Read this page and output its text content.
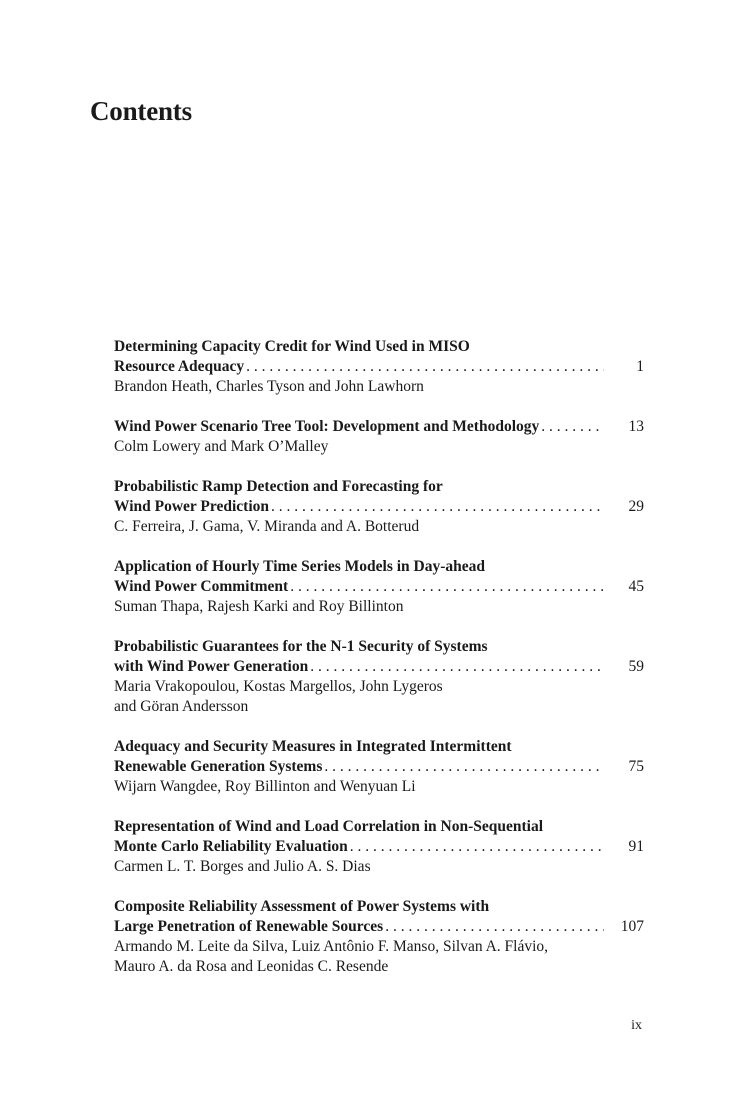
Contents
Determining Capacity Credit for Wind Used in MISO
Resource Adequacy . . .	1
Brandon Heath, Charles Tyson and John Lawhorn
Wind Power Scenario Tree Tool: Development and Methodology . . .	13
Colm Lowery and Mark O’Malley
Probabilistic Ramp Detection and Forecasting for
Wind Power Prediction . . .	29
C. Ferreira, J. Gama, V. Miranda and A. Botterud
Application of Hourly Time Series Models in Day-ahead
Wind Power Commitment . . .	45
Suman Thapa, Rajesh Karki and Roy Billinton
Probabilistic Guarantees for the N-1 Security of Systems
with Wind Power Generation . . .	59
Maria Vrakopoulou, Kostas Margellos, John Lygeros
and Göran Andersson
Adequacy and Security Measures in Integrated Intermittent
Renewable Generation Systems . . .	75
Wijarn Wangdee, Roy Billinton and Wenyuan Li
Representation of Wind and Load Correlation in Non-Sequential
Monte Carlo Reliability Evaluation . . .	91
Carmen L. T. Borges and Julio A. S. Dias
Composite Reliability Assessment of Power Systems with
Large Penetration of Renewable Sources . . .	107
Armando M. Leite da Silva, Luiz Antônio F. Manso, Silvan A. Flávio,
Mauro A. da Rosa and Leonidas C. Resende
ix
